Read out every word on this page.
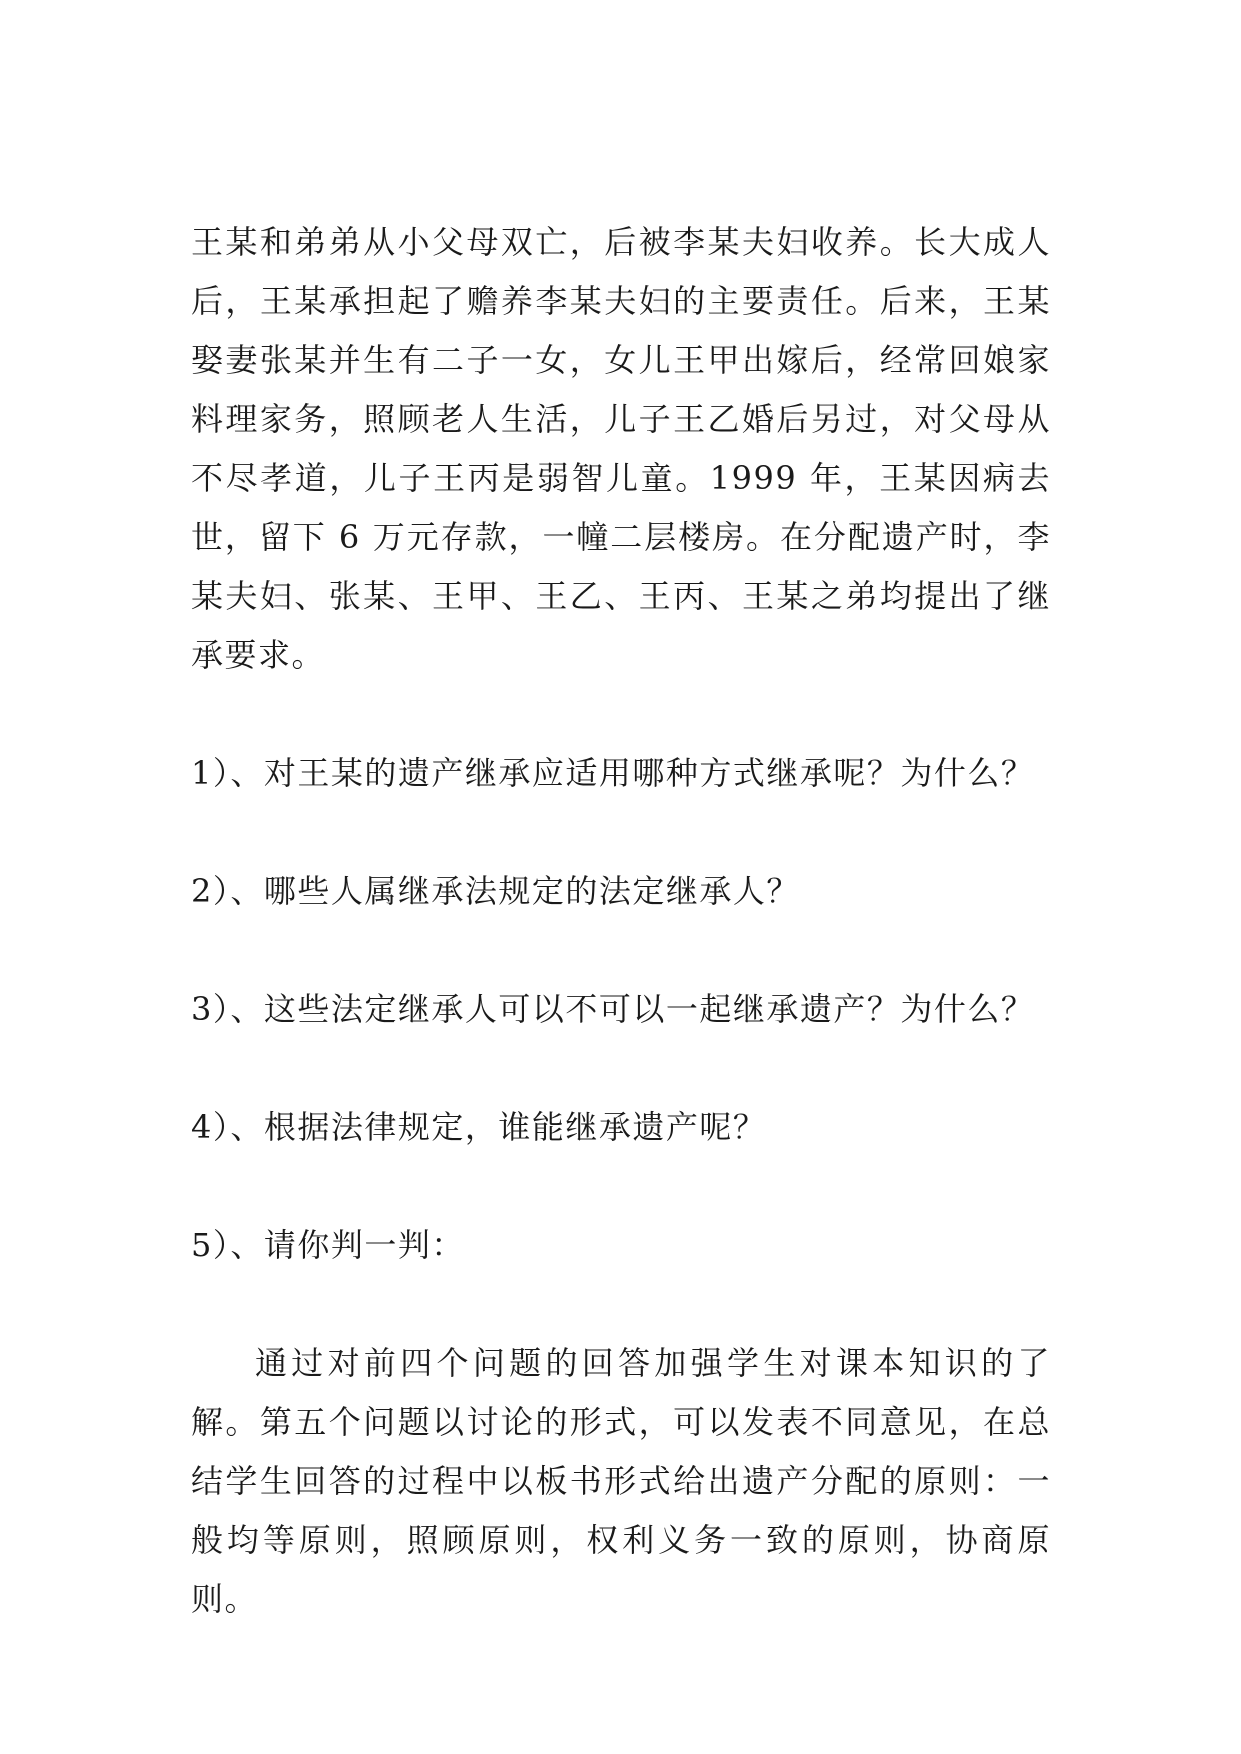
王某和弟弟从小父母双亡，后被李某夫妇收养。长大成人后，王某承担起了赡养李某夫妇的主要责任。后来，王某娶妻张某并生有二子一女，女儿王甲出嫁后，经常回娘家料理家务，照顾老人生活，儿子王乙婚后另过，对父母从不尽孝道，儿子王丙是弱智儿童。1999 年，王某因病去世，留下 6 万元存款，一幢二层楼房。在分配遗产时，李某夫妇、张某、王甲、王乙、王丙、王某之弟均提出了继承要求。

1）、对王某的遗产继承应适用哪种方式继承呢？为什么？

2）、哪些人属继承法规定的法定继承人？

3）、这些法定继承人可以不可以一起继承遗产？为什么？

4）、根据法律规定，谁能继承遗产呢？

5）、请你判一判：

通过对前四个问题的回答加强学生对课本知识的了解。第五个问题以讨论的形式，可以发表不同意见，在总结学生回答的过程中以板书形式给出遗产分配的原则：一般均等原则，照顾原则，权利义务一致的原则，协商原则。
